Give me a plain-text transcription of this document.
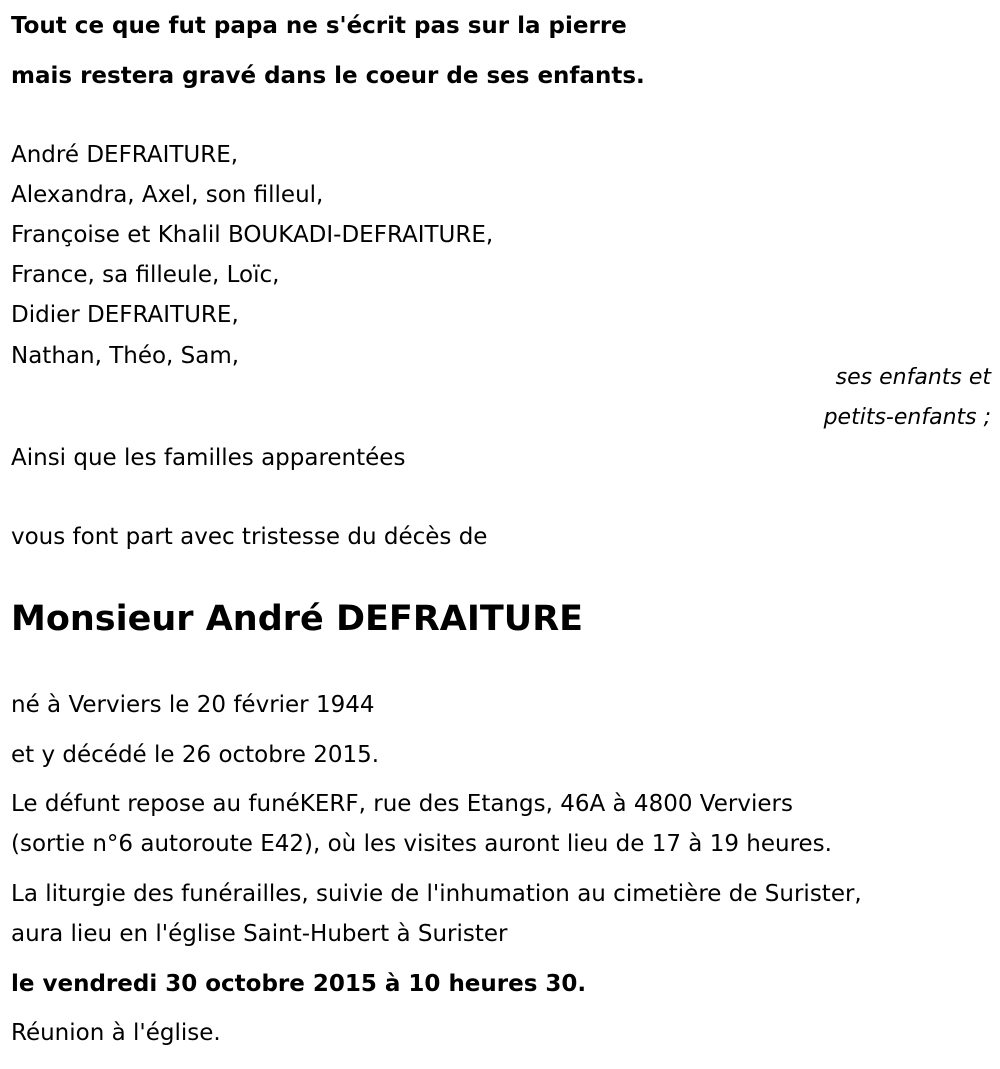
Tout ce que fut papa ne s'écrit pas sur la pierre
mais restera gravé dans le coeur de ses enfants.
André DEFRAITURE,
Alexandra, Axel, son filleul,
Françoise et Khalil BOUKADI-DEFRAITURE,
France, sa filleule, Loïc,
Didier DEFRAITURE,
Nathan, Théo, Sam,
ses enfants et
petits-enfants ;
Ainsi que les familles apparentées
vous font part avec tristesse du décès de
Monsieur André DEFRAITURE
né à Verviers le 20 février 1944
et y décédé le 26 octobre 2015.
Le défunt repose au funéKERF, rue des Etangs, 46A à 4800 Verviers
(sortie n°6 autoroute E42), où les visites auront lieu de 17 à 19 heures.
La liturgie des funérailles, suivie de l'inhumation au cimetière de Surister,
aura lieu en l'église Saint-Hubert à Surister
le vendredi 30 octobre 2015 à 10 heures 30.
Réunion à l'église.
